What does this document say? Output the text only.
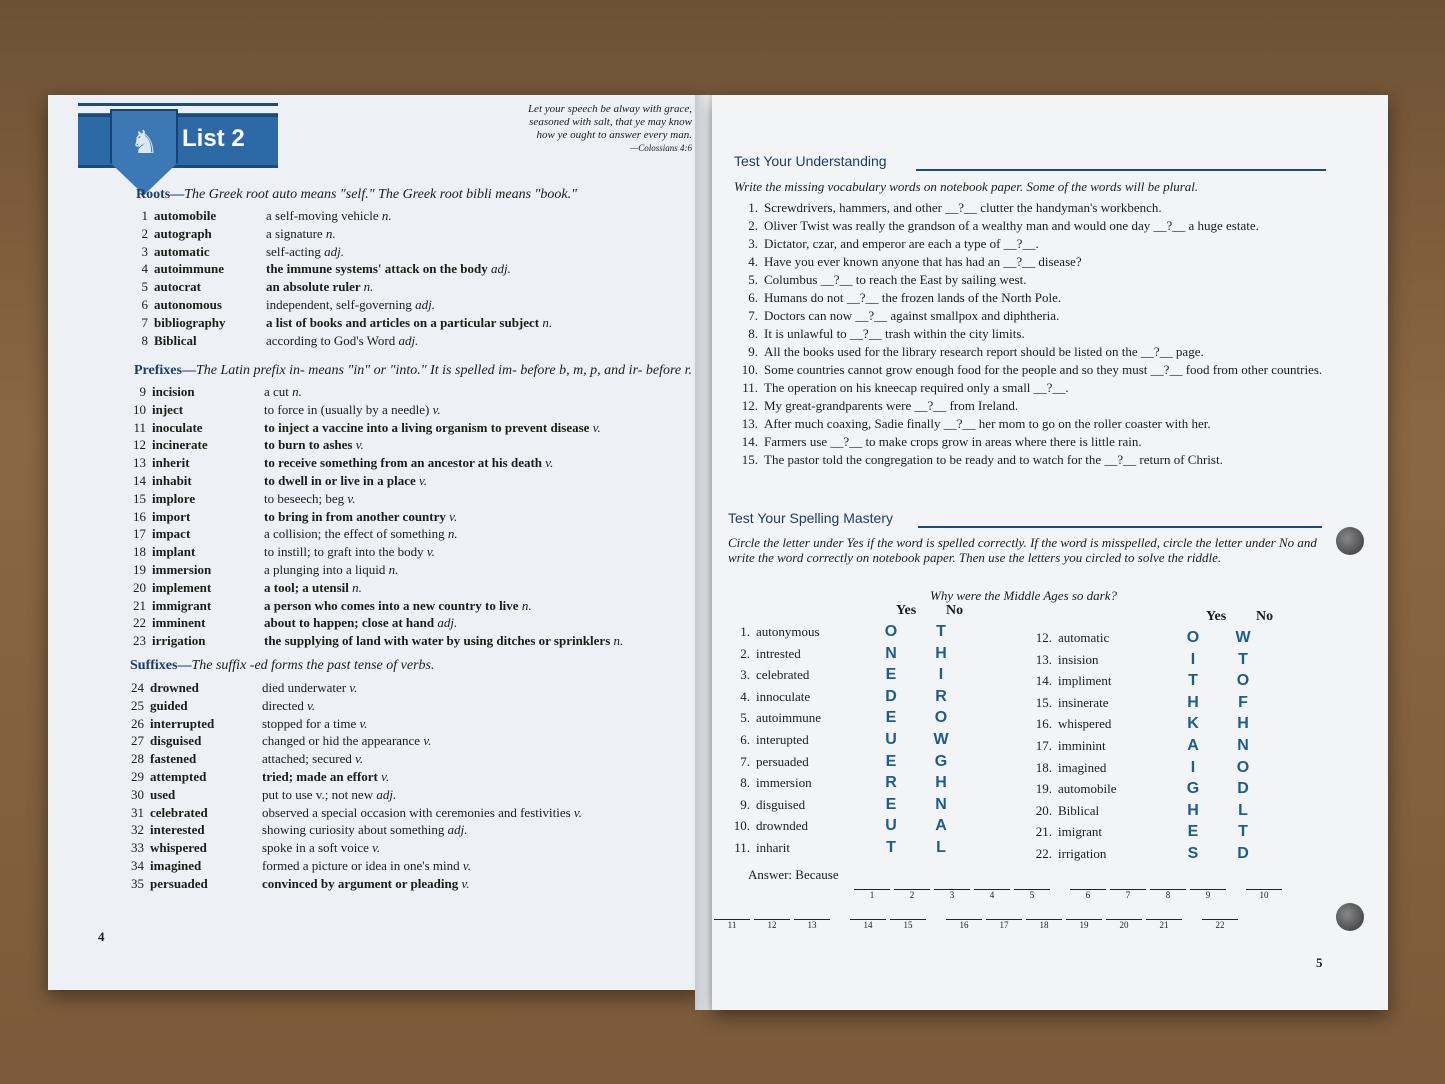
♞ List 2
Let your speech be alway with grace, seasoned with salt, that ye may know how ye ought to answer every man.
—Colossians 4:6
Roots—The Greek root auto means "self." The Greek root bibli means "book."
1 automobile	a self-moving vehicle n.
2 autograph	a signature n.
3 automatic	self-acting adj.
4 autoimmune	the immune systems' attack on the body adj.
5 autocrat	an absolute ruler n.
6 autonomous	independent, self-governing adj.
7 bibliography	a list of books and articles on a particular subject n.
8 Biblical	according to God's Word adj.
Prefixes—The Latin prefix in- means "in" or "into." It is spelled im- before b, m, p, and ir- before r.
9 incision	a cut n.
10 inject	to force in (usually by a needle) v.
11 inoculate	to inject a vaccine into a living organism to prevent disease v.
12 incinerate	to burn to ashes v.
13 inherit	to receive something from an ancestor at his death v.
14 inhabit	to dwell in or live in a place v.
15 implore	to beseech; beg v.
16 import	to bring in from another country v.
17 impact	a collision; the effect of something n.
18 implant	to instill; to graft into the body v.
19 immersion	a plunging into a liquid n.
20 implement	a tool; a utensil n.
21 immigrant	a person who comes into a new country to live n.
22 imminent	about to happen; close at hand adj.
23 irrigation	the supplying of land with water by using ditches or sprinklers n.
Suffixes—The suffix -ed forms the past tense of verbs.
24 drowned	died underwater v.
25 guided	directed v.
26 interrupted	stopped for a time v.
27 disguised	changed or hid the appearance v.
28 fastened	attached; secured v.
29 attempted	tried; made an effort v.
30 used	put to use v.; not new adj.
31 celebrated	observed a special occasion with ceremonies and festivities v.
32 interested	showing curiosity about something adj.
33 whispered	spoke in a soft voice v.
34 imagined	formed a picture or idea in one's mind v.
35 persuaded	convinced by argument or pleading v.
4
Test Your Understanding
Write the missing vocabulary words on notebook paper. Some of the words will be plural.
1. Screwdrivers, hammers, and other __?__ clutter the handyman's workbench.
2. Oliver Twist was really the grandson of a wealthy man and would one day __?__ a huge estate.
3. Dictator, czar, and emperor are each a type of __?__.
4. Have you ever known anyone that has had an __?__ disease?
5. Columbus __?__ to reach the East by sailing west.
6. Humans do not __?__ the frozen lands of the North Pole.
7. Doctors can now __?__ against smallpox and diphtheria.
8. It is unlawful to __?__ trash within the city limits.
9. All the books used for the library research report should be listed on the __?__ page.
10. Some countries cannot grow enough food for the people and so they must __?__ food from other countries.
11. The operation on his kneecap required only a small __?__.
12. My great-grandparents were __?__ from Ireland.
13. After much coaxing, Sadie finally __?__ her mom to go on the roller coaster with her.
14. Farmers use __?__ to make crops grow in areas where there is little rain.
15. The pastor told the congregation to be ready and to watch for the __?__ return of Christ.
Test Your Spelling Mastery
Circle the letter under Yes if the word is spelled correctly. If the word is misspelled, circle the letter under No and write the word correctly on notebook paper. Then use the letters you circled to solve the riddle.
Why were the Middle Ages so dark?
Yes No	Yes No
1. autonymous	O	T
2. intrested	N	H
3. celebrated	E	I
4. innoculate	D	R
5. autoimmune	E	O
6. interupted	U	W
7. persuaded	E	G
8. immersion	R	H
9. disguised	E	N
10. drownded	U	A
11. inharit	T	L
12. automatic	O	W
13. insision	I	T
14. impliment	T	O
15. insinerate	H	F
16. whispered	K	H
17. imminint	A	N
18. imagined	I	O
19. automobile	G	D
20. Biblical	H	L
21. imigrant	E	T
22. irrigation	S	D
Answer: Because
1	2	3	4	5	6	7	8	9	10
11	12	13	14	15	16	17	18	19	20	21	22
5
